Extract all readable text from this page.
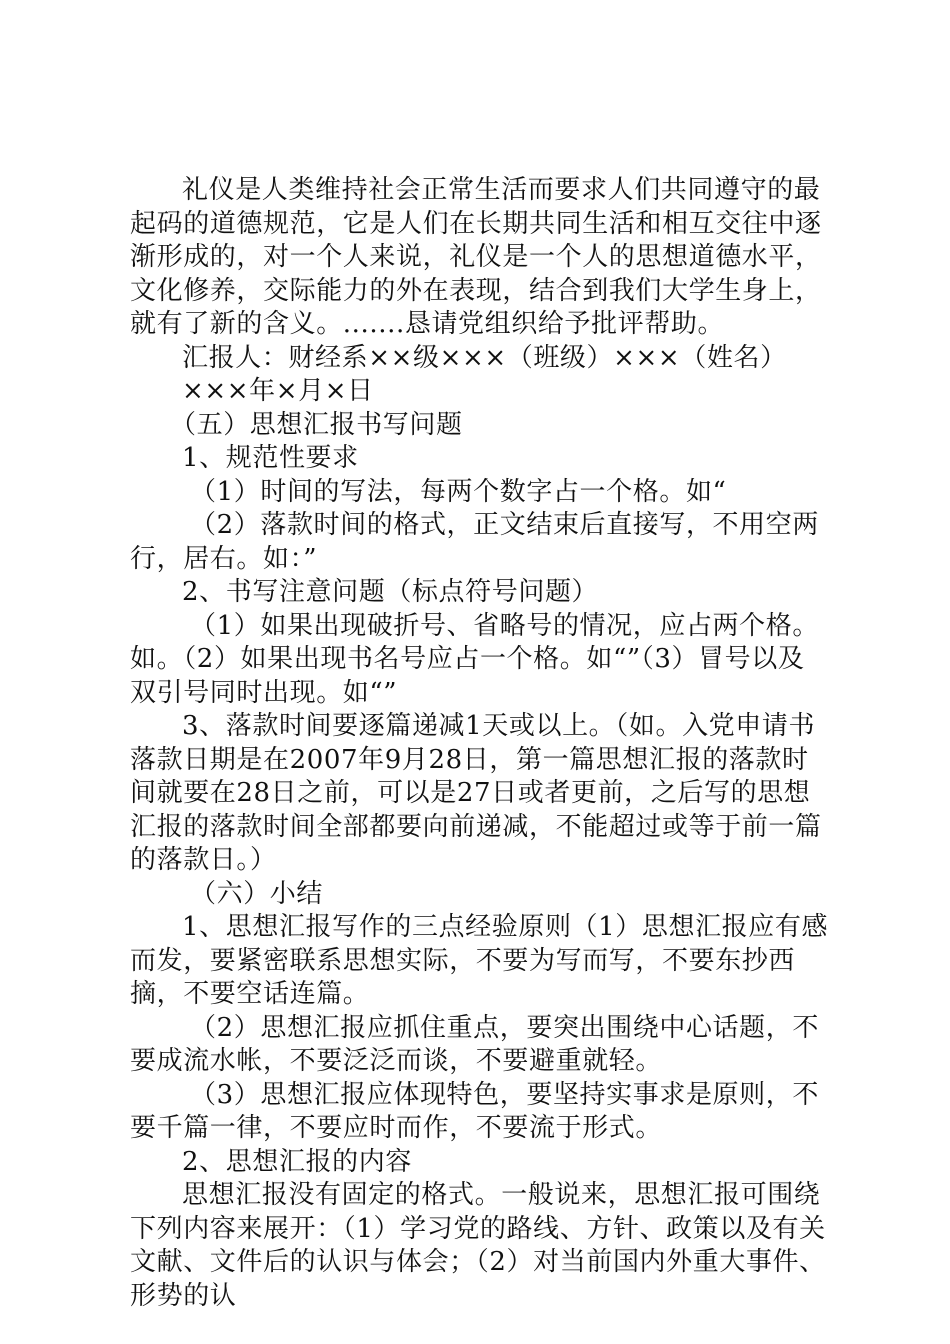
礼仪是人类维持社会正常生活而要求人们共同遵守的最起码的道德规范，它是人们在长期共同生活和相互交往中逐渐形成的，对一个人来说，礼仪是一个人的思想道德水平，文化修养，交际能力的外在表现，结合到我们大学生身上，就有了新的含义。.......恳请党组织给予批评帮助。

汇报人：财经系××级×××（班级）×××（姓名）

×××年×月×日

（五）思想汇报书写问题

1、规范性要求

（1）时间的写法，每两个数字占一个格。如“

（2）落款时间的格式，正文结束后直接写，不用空两行，居右。如：”

2、书写注意问题（标点符号问题）

（1）如果出现破折号、省略号的情况，应占两个格。如。（2）如果出现书名号应占一个格。如“”（3）冒号以及双引号同时出现。如“”

3、落款时间要逐篇递减1天或以上。（如。入党申请书落款日期是在2007年9月28日，第一篇思想汇报的落款时间就要在28日之前，可以是27日或者更前，之后写的思想汇报的落款时间全部都要向前递减，不能超过或等于前一篇的落款日。）

（六）小结

1、思想汇报写作的三点经验原则（1）思想汇报应有感而发，要紧密联系思想实际，不要为写而写，不要东抄西摘，不要空话连篇。

（2）思想汇报应抓住重点，要突出围绕中心话题，不要成流水帐，不要泛泛而谈，不要避重就轻。

（3）思想汇报应体现特色，要坚持实事求是原则，不要千篇一律，不要应时而作，不要流于形式。

2、思想汇报的内容

思想汇报没有固定的格式。一般说来，思想汇报可围绕下列内容来展开：（1）学习党的路线、方针、政策以及有关文献、文件后的认识与体会；（2）对当前国内外重大事件、形势的认
